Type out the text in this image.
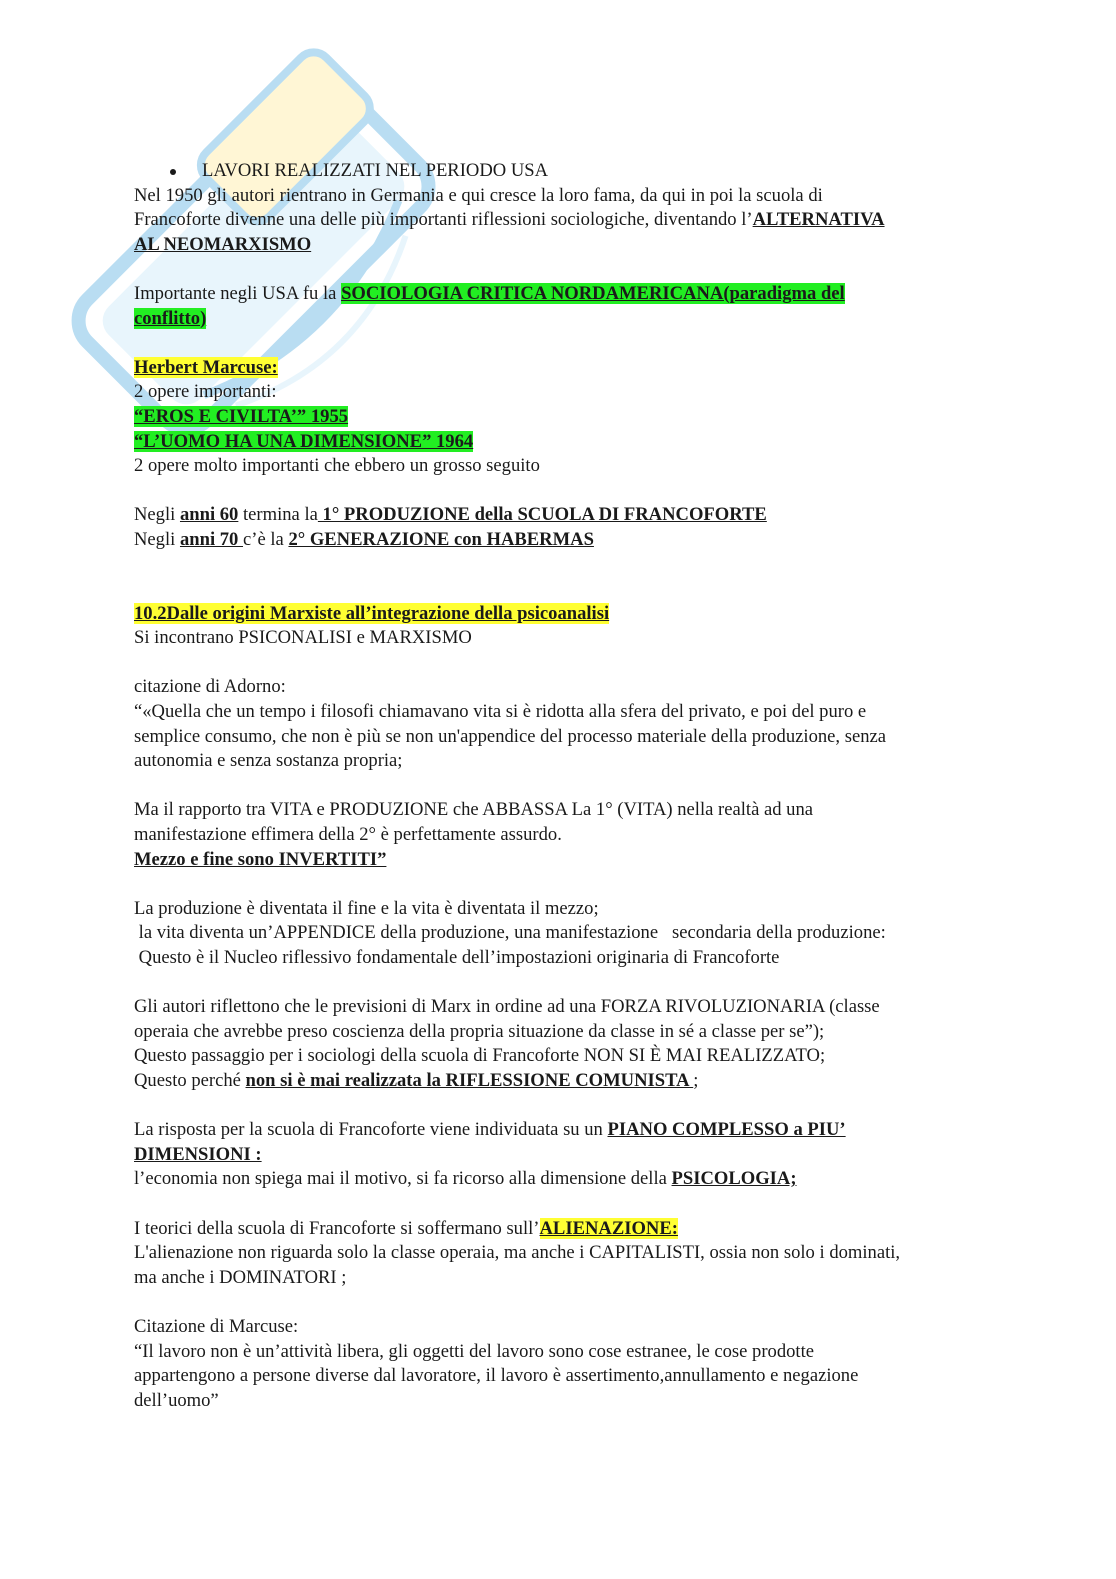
LAVORI REALIZZATI NEL PERIODO USA

Nel 1950 gli autori rientrano in Germania e qui cresce la loro fama, da qui in poi la scuola di

Francoforte divenne una delle più importanti riflessioni sociologiche, diventando l’ALTERNATIVA

AL NEOMARXISMO

Importante negli USA fu la SOCIOLOGIA CRITICA NORDAMERICANA(paradigma del

conflitto)

Herbert Marcuse:

2 opere importanti:

“EROS E CIVILTA’” 1955

“L’UOMO HA UNA DIMENSIONE” 1964

2 opere molto importanti che ebbero un grosso seguito

Negli anni 60 termina la 1° PRODUZIONE della SCUOLA DI FRANCOFORTE

Negli anni 70 c’è la 2° GENERAZIONE con HABERMAS

10.2Dalle origini Marxiste all’integrazione della psicoanalisi

Si incontrano PSICONALISI e MARXISMO

citazione di Adorno:

“«Quella che un tempo i filosofi chiamavano vita si è ridotta alla sfera del privato, e poi del puro e

semplice consumo, che non è più se non un'appendice del processo materiale della produzione, senza

autonomia e senza sostanza propria;

Ma il rapporto tra VITA e PRODUZIONE che ABBASSA La 1° (VITA) nella realtà ad una

manifestazione effimera della 2° è perfettamente assurdo.

Mezzo e fine sono INVERTITI”

La produzione è diventata il fine e la vita è diventata il mezzo;

la vita diventa un’APPENDICE della produzione, una manifestazione   secondaria della produzione:

Questo è il Nucleo riflessivo fondamentale dell’impostazioni originaria di Francoforte

Gli autori riflettono che le previsioni di Marx in ordine ad una FORZA RIVOLUZIONARIA (classe

operaia che avrebbe preso coscienza della propria situazione da classe in sé a classe per se”);

Questo passaggio per i sociologi della scuola di Francoforte NON SI È MAI REALIZZATO;

Questo perché non si è mai realizzata la RIFLESSIONE COMUNISTA ;

La risposta per la scuola di Francoforte viene individuata su un PIANO COMPLESSO a PIU’

DIMENSIONI :

l’economia non spiega mai il motivo, si fa ricorso alla dimensione della PSICOLOGIA;

I teorici della scuola di Francoforte si soffermano sull’ALIENAZIONE:

L'alienazione non riguarda solo la classe operaia, ma anche i CAPITALISTI, ossia non solo i dominati,

ma anche i DOMINATORI ;

Citazione di Marcuse:

“Il lavoro non è un’attività libera, gli oggetti del lavoro sono cose estranee, le cose prodotte

appartengono a persone diverse dal lavoratore, il lavoro è assertimento,annullamento e negazione

dell’uomo”
